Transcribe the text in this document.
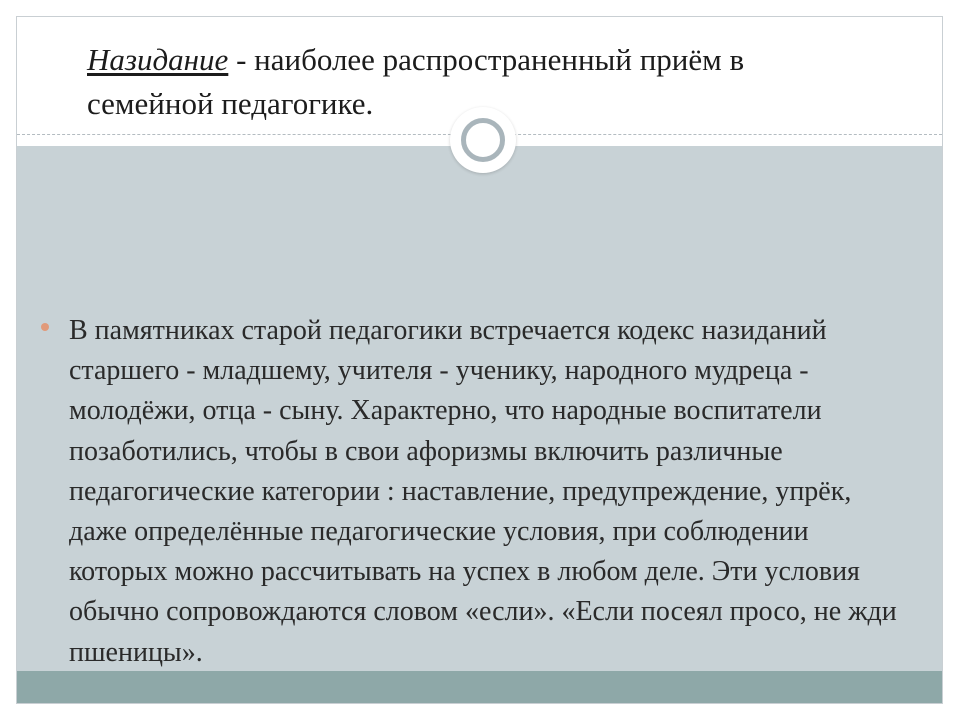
Назидание - наиболее распространенный приём в семейной педагогике.

В памятниках старой педагогики встречается кодекс назиданий старшего - младшему, учителя - ученику, народного мудреца - молодёжи, отца - сыну. Характерно, что народные воспитатели позаботились, чтобы в свои афоризмы включить различные педагогические категории : наставление, предупреждение, упрёк, даже определённые педагогические условия, при соблюдении которых можно рассчитывать на успех в любом деле. Эти условия обычно сопровождаются словом «если». «Если посеял просо, не жди пшеницы».
